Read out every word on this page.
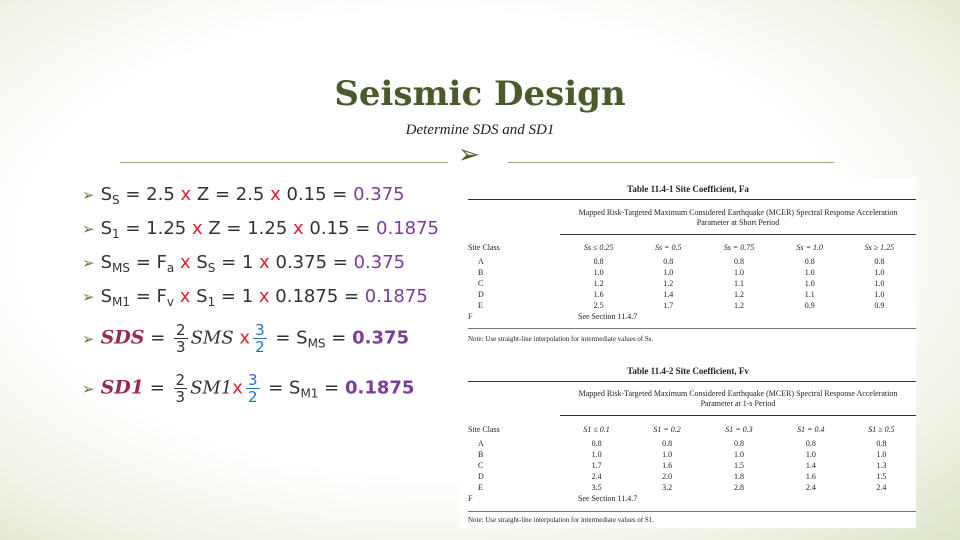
Seismic Design
Determine SDS and SD1
➢
➢ $S_S = 2.5$ x Z = 2.5 x 0.15 = 0.375
➢ $S_1 = 1.25$ x Z = 1.25 x 0.15 = 0.1875
➢ $S_{MS} = F_a$ x $S_S = 1$ x 0.375 = 0.375
➢ $S_{M1} = F_v$ x $S_1 = 1$ x 0.1875 = 0.1875
➢ SDS = $\frac{2}{3}$ SMS x $\frac{3}{2} = S_{MS} = 0.375$
➢ $SD1 = \frac{2}{3} SM1x \frac{3}{2} = S_{M1} = 0.1875$
Table 11.4-1 Site Coefficient, Fa
Mapped Risk-Targeted Maximum Considered Earthquake (MCER) Spectral Response Acceleration
Parameter at Short Period
Site Class	Ss ≤ 0.25	Ss = 0.5	Ss = 0.75	Ss = 1.0	Ss ≥ 1.25
A	0.8	0.8	0.8	0.8	0.8
B	1.0	1.0	1.0	1.0	1.0
C	1.2	1.2	1.1	1.0	1.0
D	1.6	1.4	1.2	1.1	1.0
E	2.5	1.7	1.2	0.9	0.9
F	See Section 11.4.7				
Note: Use straight-line interpolation for intermediate values of Ss.
Table 11.4-2 Site Coefficient, Fv
Mapped Risk-Targeted Maximum Considered Earthquake (MCER) Spectral Response Acceleration
Parameter at 1-s Period
Site Class	S1 ≤ 0.1	S1 = 0.2	S1 = 0.3	S1 = 0.4	S1 ≥ 0.5
A	0.8	0.8	0.8	0.8	0.8
B	1.0	1.0	1.0	1.0	1.0
C	1.7	1.6	1.5	1.4	1.3
D	2.4	2.0	1.8	1.6	1.5
E	3.5	3.2	2.8	2.4	2.4
F	See Section 11.4.7				
Note: Use straight-line interpolation for intermediate values of S1.
